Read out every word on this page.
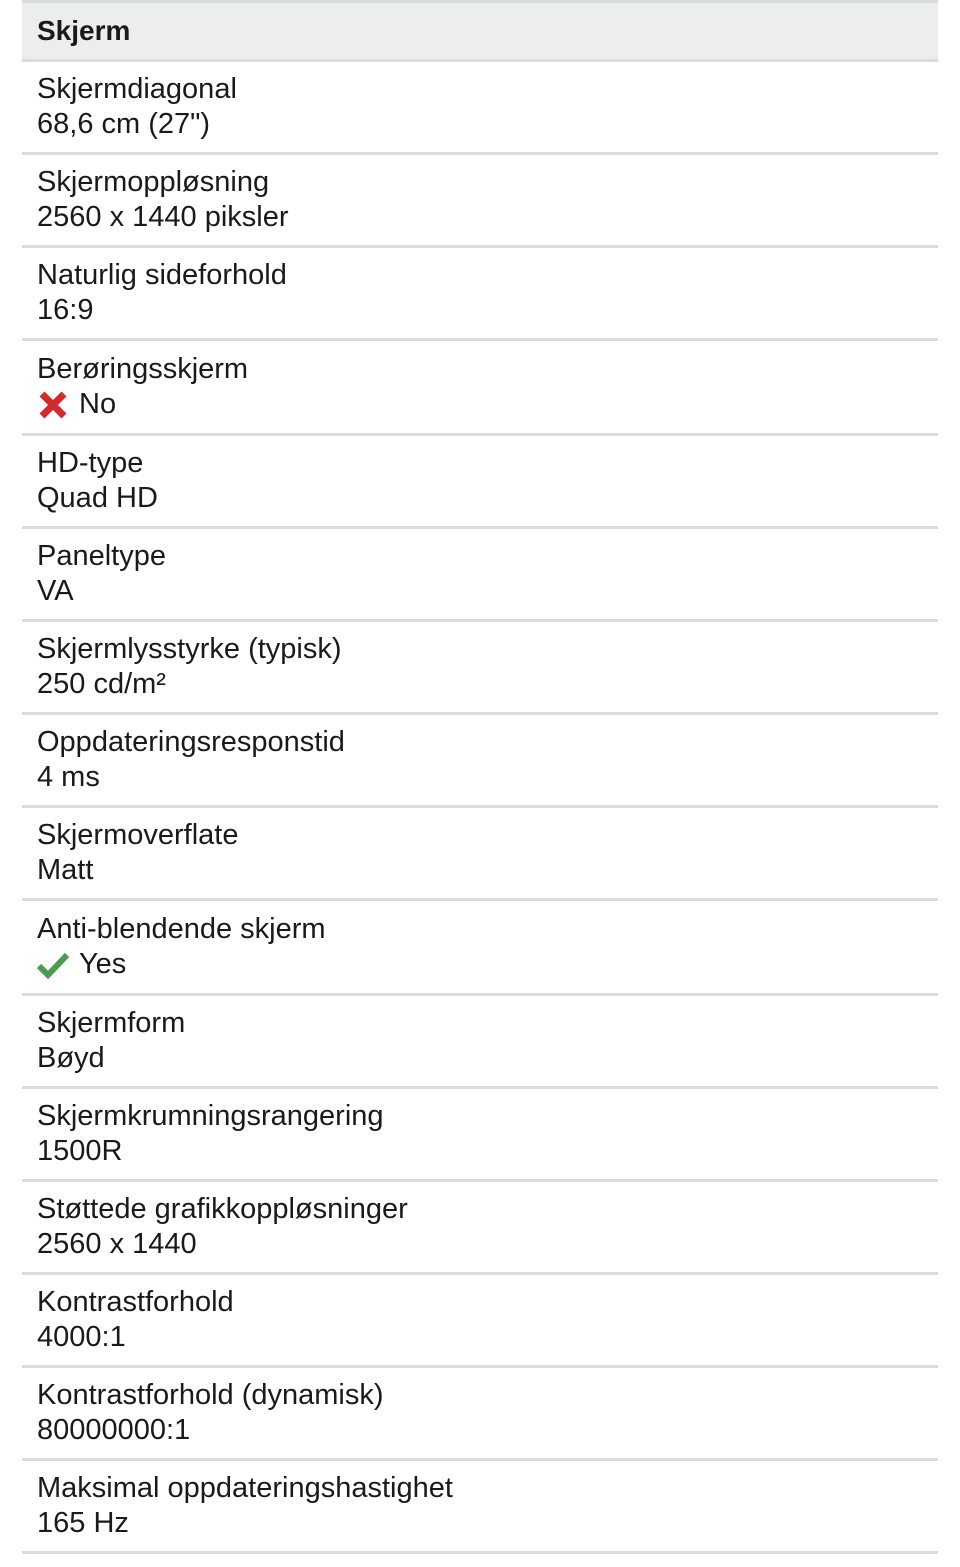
Skjerm
Skjermdiagonal
68,6 cm (27")
Skjermoppløsning
2560 x 1440 piksler
Naturlig sideforhold
16:9
Berøringsskjerm
No
HD-type
Quad HD
Paneltype
VA
Skjermlysstyrke (typisk)
250 cd/m²
Oppdateringsresponstid
4 ms
Skjermoverflate
Matt
Anti-blendende skjerm
Yes
Skjermform
Bøyd
Skjermkrumningsrangering
1500R
Støttede grafikkoppløsninger
2560 x 1440
Kontrastforhold
4000:1
Kontrastforhold (dynamisk)
80000000:1
Maksimal oppdateringshastighet
165 Hz
